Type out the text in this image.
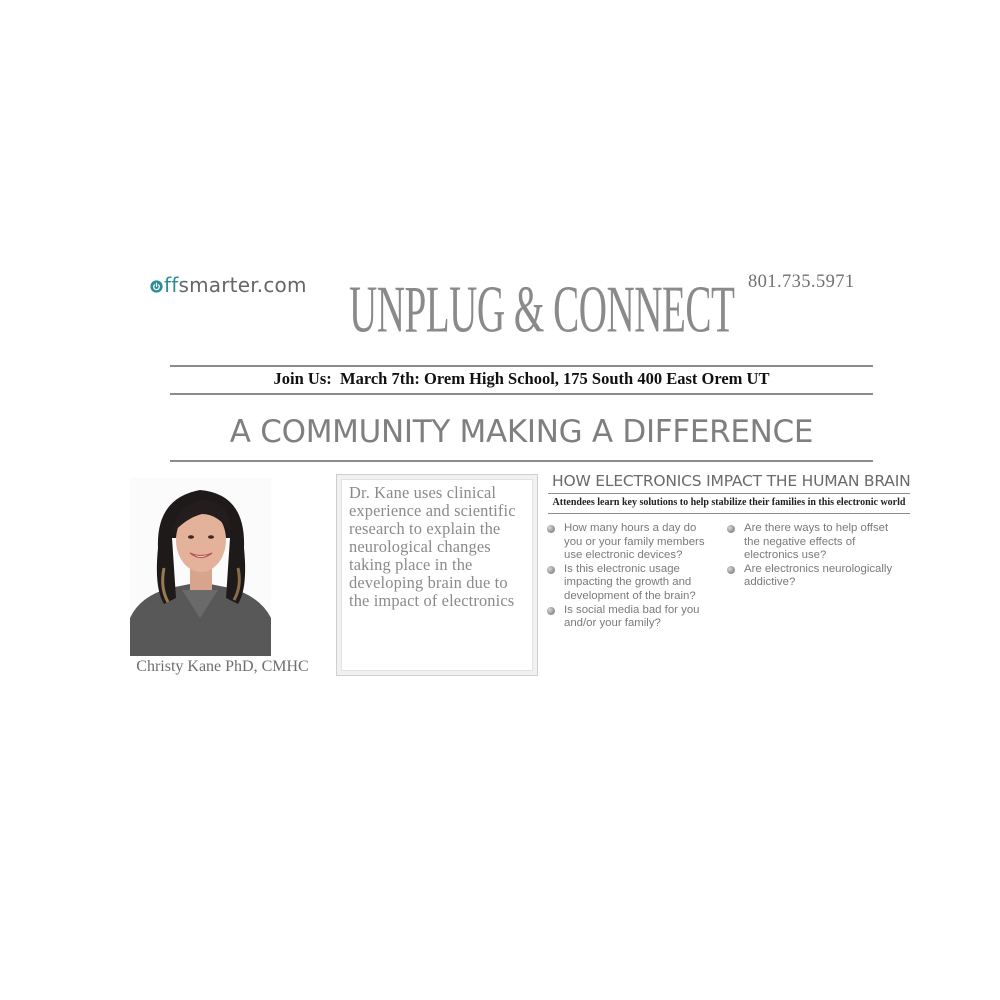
ff smarter.com	801.735.5971
UNPLUG & CONNECT
Join Us:  March 7th: Orem High School, 175 South 400 East Orem UT
A COMMUNITY MAKING A DIFFERENCE
Christy Kane PhD, CMHC
Dr. Kane uses clinical experience and scientific research to explain the neurological changes taking place in the developing brain due to the impact of electronics
HOW ELECTRONICS IMPACT THE HUMAN BRAIN
Attendees learn key solutions to help stabilize their families in this electronic world
How many hours a day do you or your family members use electronic devices?
Is this electronic usage impacting the growth and development of the brain?
Is social media bad for you and/or your family?
Are there ways to help offset the negative effects of electronics use?
Are electronics neurologically addictive?
